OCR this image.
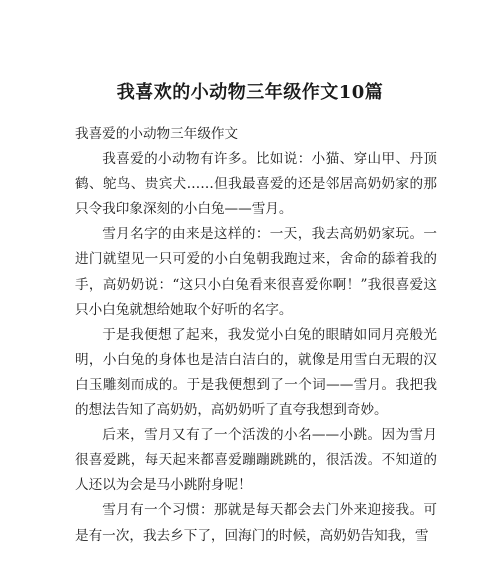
我喜欢的小动物三年级作文10篇

我喜爱的小动物三年级作文

我喜爱的小动物有许多。比如说：小猫、穿山甲、丹顶鹤、鸵鸟、贵宾犬……但我最喜爱的还是邻居高奶奶家的那只令我印象深刻的小白兔——雪月。

雪月名字的由来是这样的：一天，我去高奶奶家玩。一进门就望见一只可爱的小白兔朝我跑过来，舍命的舔着我的手，高奶奶说：“这只小白兔看来很喜爱你啊！”我很喜爱这只小白兔就想给她取个好听的名字。

于是我便想了起来，我发觉小白兔的眼睛如同月亮般光明，小白兔的身体也是洁白洁白的，就像是用雪白无瑕的汉白玉雕刻而成的。于是我便想到了一个词——雪月。我把我的想法告知了高奶奶，高奶奶听了直夸我想到奇妙。

后来，雪月又有了一个活泼的小名——小跳。因为雪月很喜爱跳，每天起来都喜爱蹦蹦跳跳的，很活泼。不知道的人还以为会是马小跳附身呢！

雪月有一个习惯：那就是每天都会去门外来迎接我。可是有一次，我去乡下了，回海门的时候，高奶奶告知我，雪
